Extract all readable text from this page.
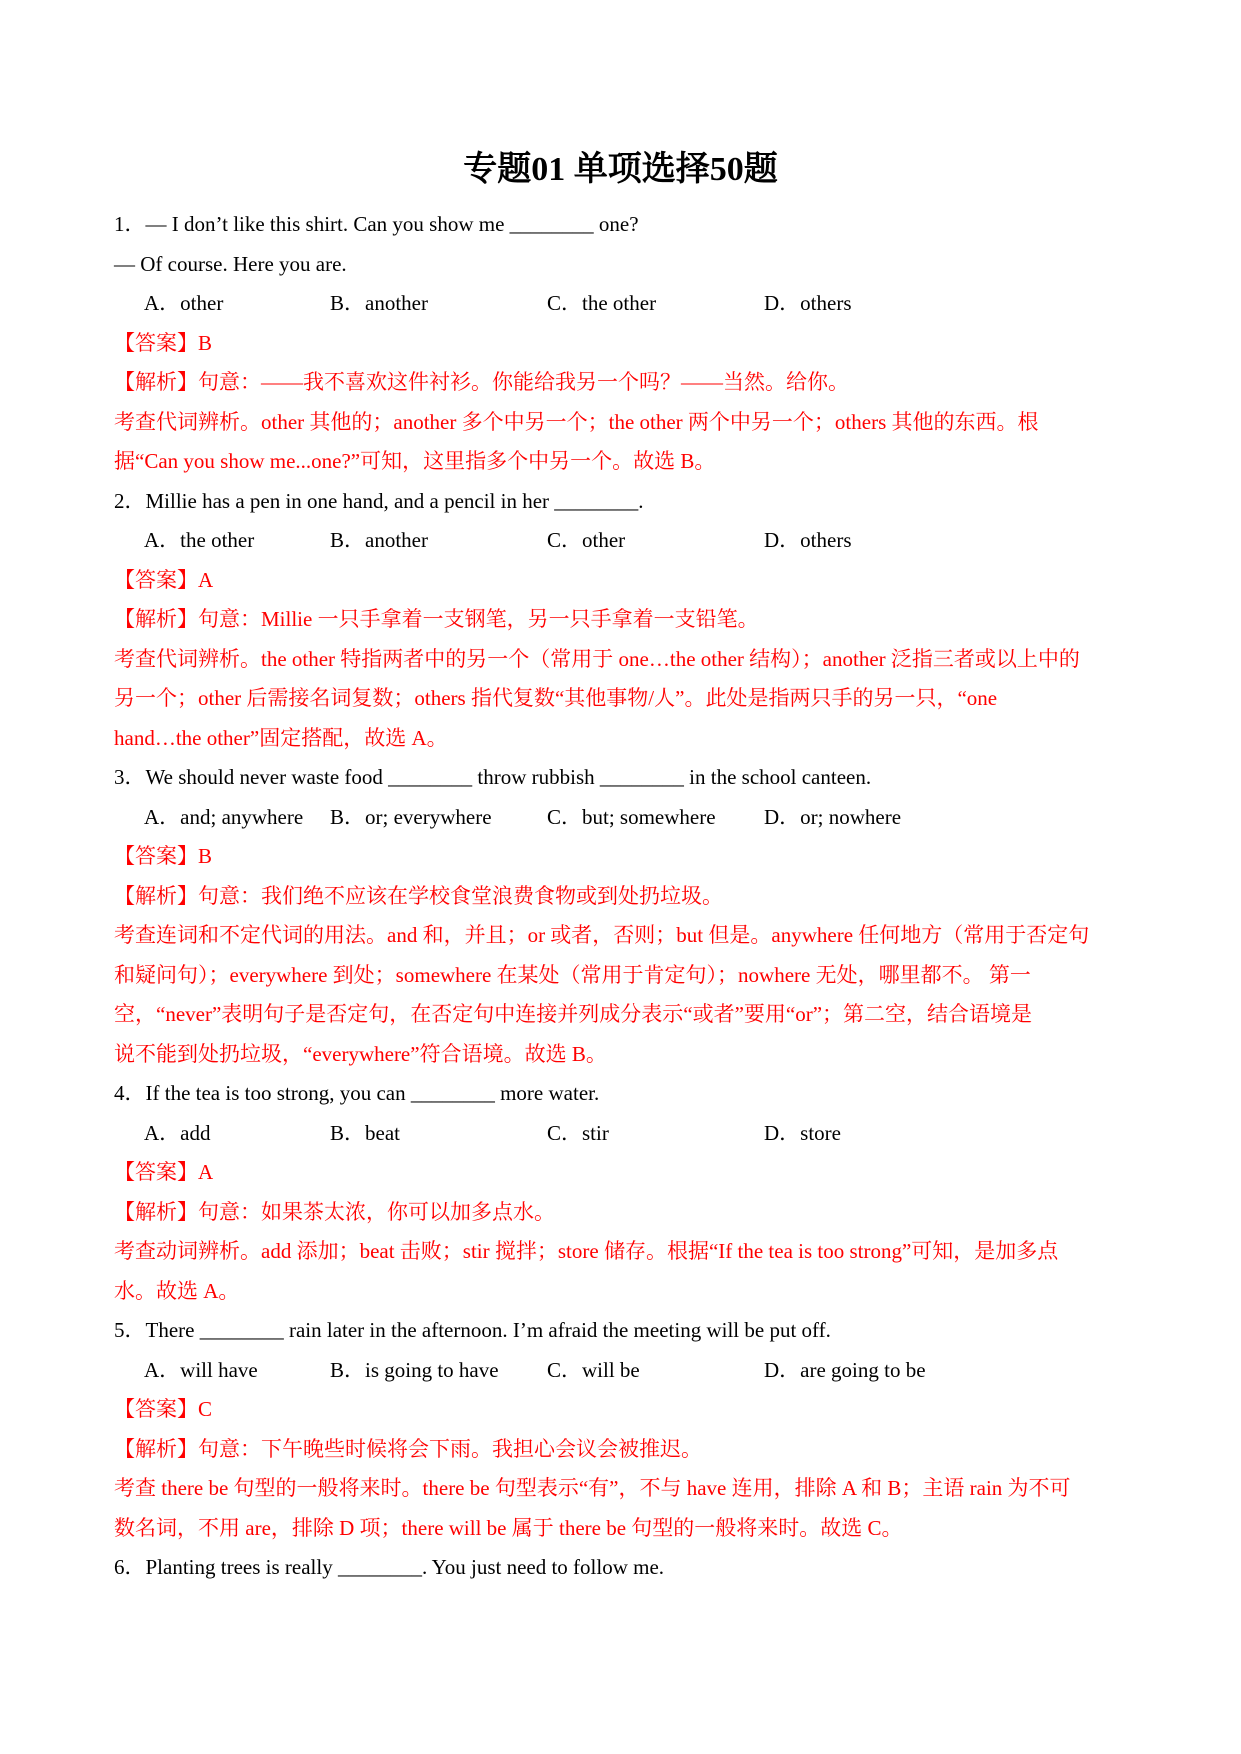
专题01 单项选择50题
1．— I don’t like this shirt. Can you show me ________ one?
— Of course. Here you are.
A．other	B．another	C．the other	D．others
【答案】B
【解析】句意：——我不喜欢这件衬衫。你能给我另一个吗？——当然。给你。
考查代词辨析。other 其他的；another 多个中另一个；the other 两个中另一个；others 其他的东西。根
据“Can you show me...one?”可知，这里指多个中另一个。故选 B。
2．Millie has a pen in one hand, and a pencil in her ________.
A．the other	B．another	C．other	D．others
【答案】A
【解析】句意：Millie 一只手拿着一支钢笔，另一只手拿着一支铅笔。
考查代词辨析。the other 特指两者中的另一个（常用于 one…the other 结构）；another 泛指三者或以上中的
另一个；other 后需接名词复数；others 指代复数“其他事物/人”。此处是指两只手的另一只，“one
hand…the other”固定搭配，故选 A。
3．We should never waste food ________ throw rubbish ________ in the school canteen.
A．and; anywhere B．or; everywhere	C．but; somewhere D．or; nowhere
【答案】B
【解析】句意：我们绝不应该在学校食堂浪费食物或到处扔垃圾。
考查连词和不定代词的用法。and 和，并且；or 或者，否则；but 但是。anywhere 任何地方（常用于否定句
和疑问句）；everywhere 到处；somewhere 在某处（常用于肯定句）；nowhere 无处，哪里都不。 第一
空，“never”表明句子是否定句，在否定句中连接并列成分表示“或者”要用“or”；第二空，结合语境是
说不能到处扔垃圾，“everywhere”符合语境。故选 B。
4．If the tea is too strong, you can ________ more water.
A．add	B．beat	C．stir	D．store
【答案】A
【解析】句意：如果茶太浓，你可以加多点水。
考查动词辨析。add 添加；beat 击败；stir 搅拌；store 储存。根据“If the tea is too strong”可知，是加多点
水。故选 A。
5．There ________ rain later in the afternoon. I’m afraid the meeting will be put off.
A．will have	B．is going to have C．will be	D．are going to be
【答案】C
【解析】句意：下午晚些时候将会下雨。我担心会议会被推迟。
考查 there be 句型的一般将来时。there be 句型表示“有”，不与 have 连用，排除 A 和 B；主语 rain 为不可
数名词，不用 are，排除 D 项；there will be 属于 there be 句型的一般将来时。故选 C。
6．Planting trees is really ________. You just need to follow me.
